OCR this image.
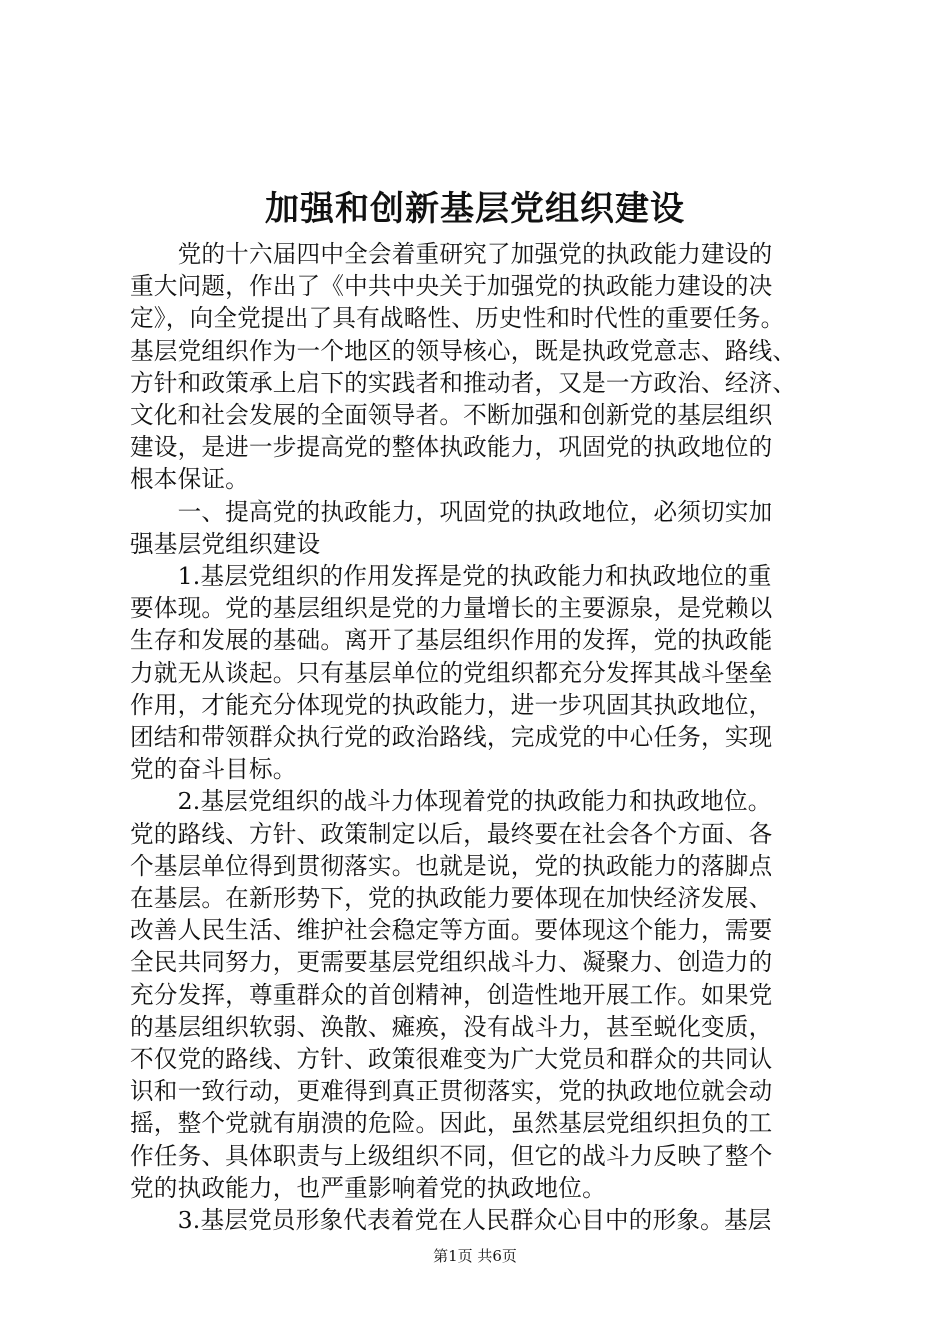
加强和创新基层党组织建设
　　党的十六届四中全会着重研究了加强党的执政能力建设的
重大问题，作出了《中共中央关于加强党的执政能力建设的决
定》，向全党提出了具有战略性、历史性和时代性的重要任务。
基层党组织作为一个地区的领导核心，既是执政党意志、路线、
方针和政策承上启下的实践者和推动者，又是一方政治、经济、
文化和社会发展的全面领导者。不断加强和创新党的基层组织
建设，是进一步提高党的整体执政能力，巩固党的执政地位的
根本保证。
　　一、提高党的执政能力，巩固党的执政地位，必须切实加
强基层党组织建设
　　1.基层党组织的作用发挥是党的执政能力和执政地位的重
要体现。党的基层组织是党的力量增长的主要源泉，是党赖以
生存和发展的基础。离开了基层组织作用的发挥，党的执政能
力就无从谈起。只有基层单位的党组织都充分发挥其战斗堡垒
作用，才能充分体现党的执政能力，进一步巩固其执政地位，
团结和带领群众执行党的政治路线，完成党的中心任务，实现
党的奋斗目标。
　　2.基层党组织的战斗力体现着党的执政能力和执政地位。
党的路线、方针、政策制定以后，最终要在社会各个方面、各
个基层单位得到贯彻落实。也就是说，党的执政能力的落脚点
在基层。在新形势下，党的执政能力要体现在加快经济发展、
改善人民生活、维护社会稳定等方面。要体现这个能力，需要
全民共同努力，更需要基层党组织战斗力、凝聚力、创造力的
充分发挥，尊重群众的首创精神，创造性地开展工作。如果党
的基层组织软弱、涣散、瘫痪，没有战斗力，甚至蜕化变质，
不仅党的路线、方针、政策很难变为广大党员和群众的共同认
识和一致行动，更难得到真正贯彻落实，党的执政地位就会动
摇，整个党就有崩溃的危险。因此，虽然基层党组织担负的工
作任务、具体职责与上级组织不同，但它的战斗力反映了整个
党的执政能力，也严重影响着党的执政地位。
　　3.基层党员形象代表着党在人民群众心目中的形象。基层
第1页 共6页
